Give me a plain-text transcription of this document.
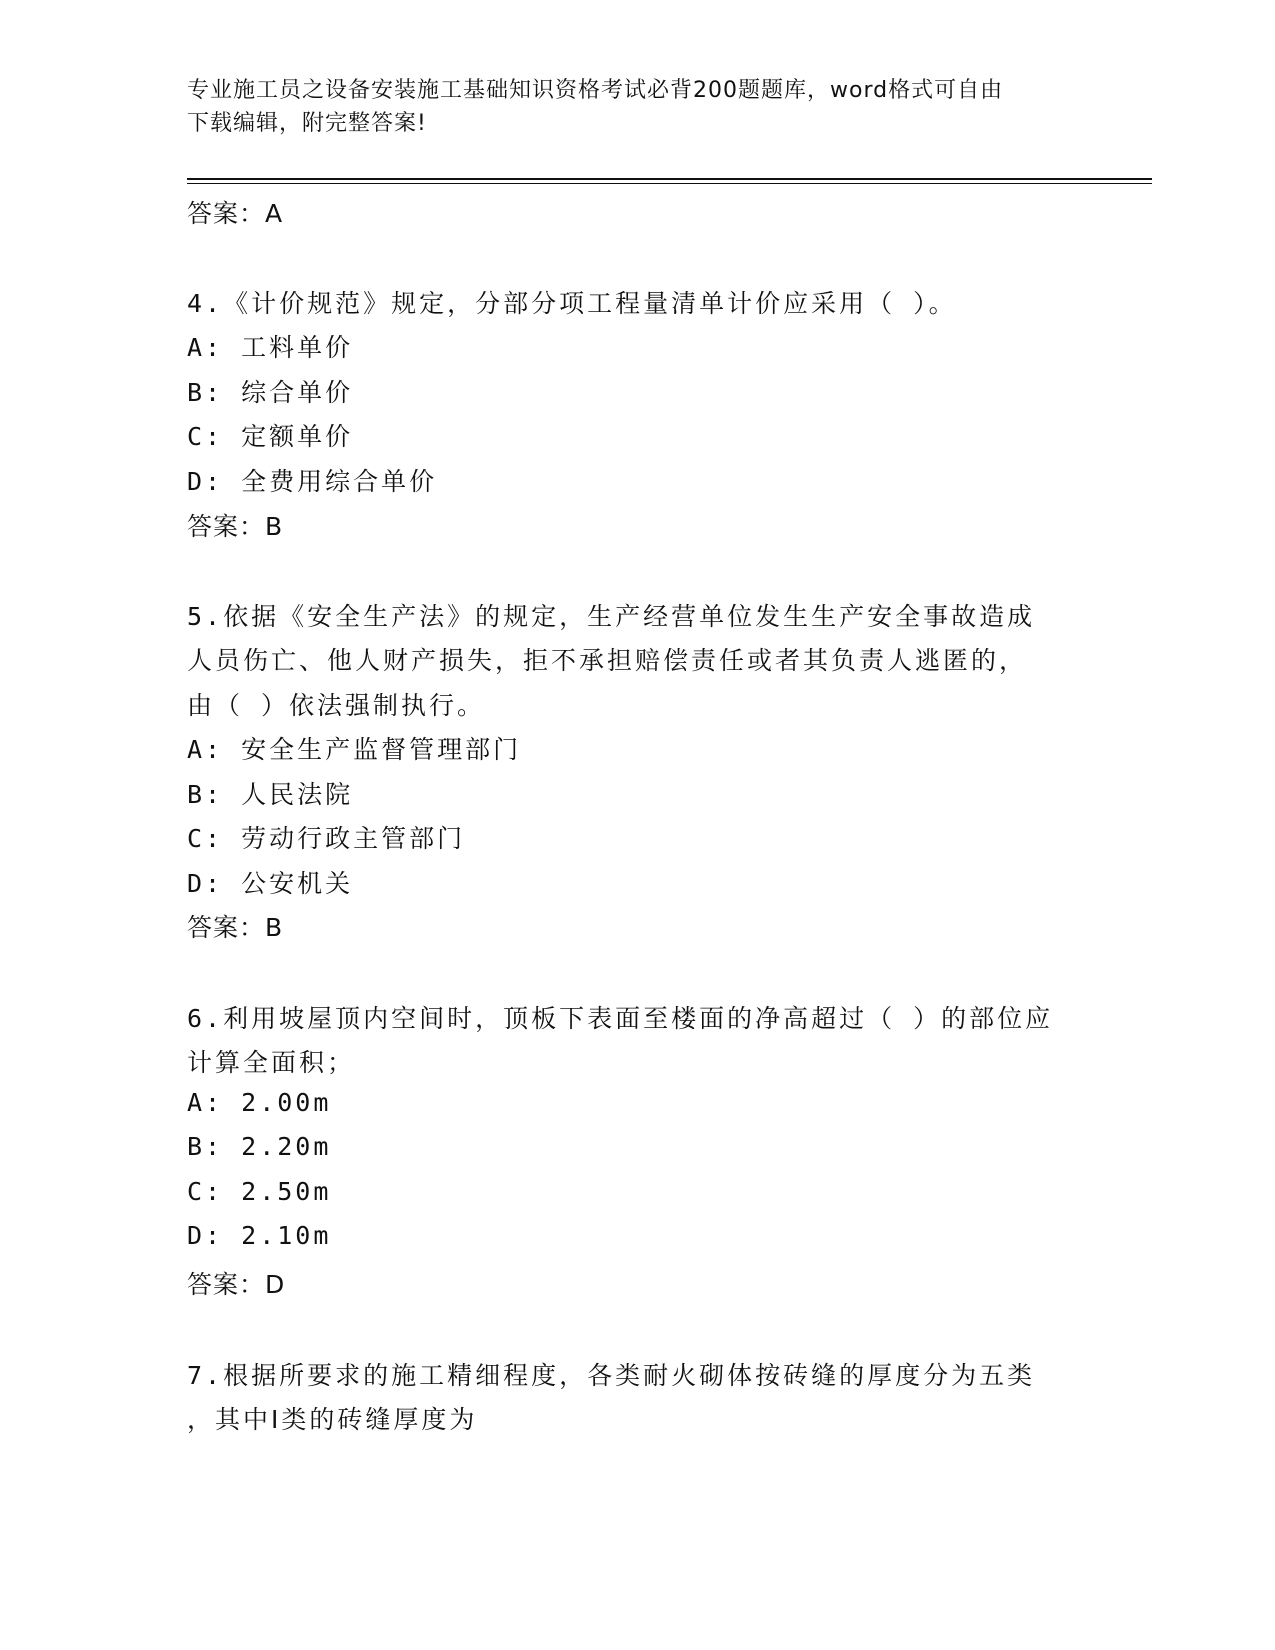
专业施工员之设备安装施工基础知识资格考试必背200题题库，word格式可自由
下载编辑，附完整答案!
答案：A
4.《计价规范》规定，分部分项工程量清单计价应采用（ ）。
A: 工料单价
B: 综合单价
C: 定额单价
D: 全费用综合单价
答案：B
5.依据《安全生产法》的规定，生产经营单位发生生产安全事故造成
人员伤亡、他人财产损失，拒不承担赔偿责任或者其负责人逃匿的，
由（ ）依法强制执行。
A: 安全生产监督管理部门
B: 人民法院
C: 劳动行政主管部门
D: 公安机关
答案：B
6.利用坡屋顶内空间时，顶板下表面至楼面的净高超过（ ）的部位应
计算全面积；
A: 2.00m
B: 2.20m
C: 2.50m
D: 2.10m
答案：D
7.根据所要求的施工精细程度，各类耐火砌体按砖缝的厚度分为五类
，其中Ⅰ类的砖缝厚度为
